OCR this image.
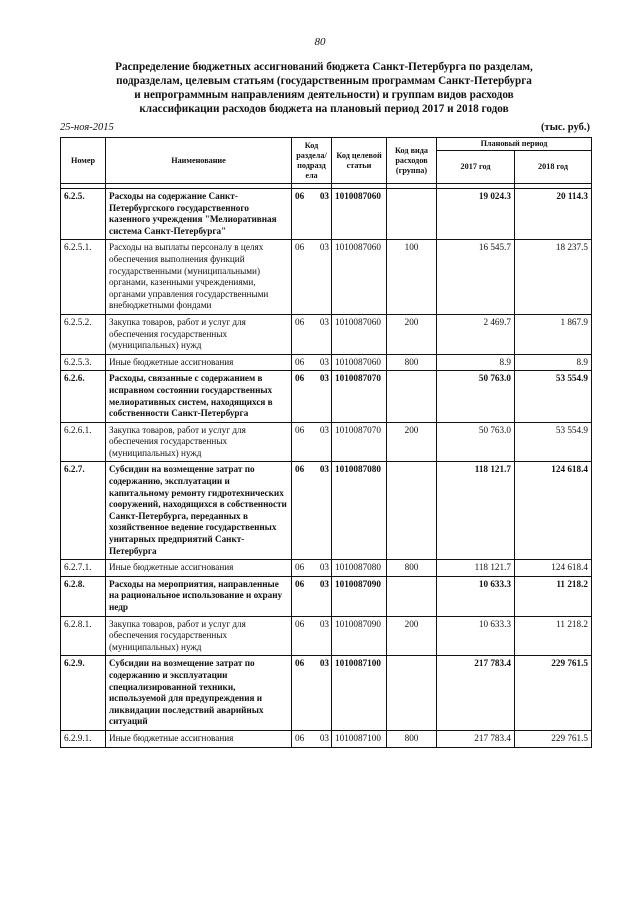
80
Распределение бюджетных ассигнований бюджета Санкт-Петербурга по разделам,
подразделам, целевым статьям (государственным программам Санкт-Петербурга
и непрограммным направлениям деятельности) и группам видов расходов
классификации расходов бюджета на плановый период 2017 и 2018 годов
25-ноя-2015	(тыс. руб.)
Номер	Наименование	Код раздела/ подразд ела	Код целевой статьи	Код вида расходов (группа)	Плановый период	
					2017 год	2018 год

6.2.5.	Расходы на содержание Санкт-Петербургского государственного казенного учреждения "Мелиоративная система Санкт-Петербурга"	06 03	1010087060		19 024.3	20 114.3
6.2.5.1.	Расходы на выплаты персоналу в целях обеспечения выполнения функций государственными (муниципальными) органами, казенными учреждениями, органами управления государственными внебюджетными фондами	06 03	1010087060	100	16 545.7	18 237.5
6.2.5.2.	Закупка товаров, работ и услуг для обеспечения государственных (муниципальных) нужд	06 03	1010087060	200	2 469.7	1 867.9
6.2.5.3.	Иные бюджетные ассигнования	06 03	1010087060	800	8.9	8.9
6.2.6.	Расходы, связанные с содержанием в исправном состоянии государственных мелиоративных систем, находящихся в собственности Санкт-Петербурга	06 03	1010087070		50 763.0	53 554.9
6.2.6.1.	Закупка товаров, работ и услуг для обеспечения государственных (муниципальных) нужд	06 03	1010087070	200	50 763.0	53 554.9
6.2.7.	Субсидии на возмещение затрат по содержанию, эксплуатации и капитальному ремонту гидротехнических сооружений, находящихся в собственности Санкт-Петербурга, переданных в хозяйственное ведение государственных унитарных предприятий Санкт-Петербурга	06 03	1010087080		118 121.7	124 618.4
6.2.7.1.	Иные бюджетные ассигнования	06 03	1010087080	800	118 121.7	124 618.4
6.2.8.	Расходы на мероприятия, направленные на рациональное использование и охрану недр	06 03	1010087090		10 633.3	11 218.2
6.2.8.1.	Закупка товаров, работ и услуг для обеспечения государственных (муниципальных) нужд	06 03	1010087090	200	10 633.3	11 218.2
6.2.9.	Субсидии на возмещение затрат по содержанию и эксплуатации специализированной техники, используемой для предупреждения и ликвидации последствий аварийных ситуаций	06 03	1010087100		217 783.4	229 761.5
6.2.9.1.	Иные бюджетные ассигнования	06 03	1010087100	800	217 783.4	229 761.5
